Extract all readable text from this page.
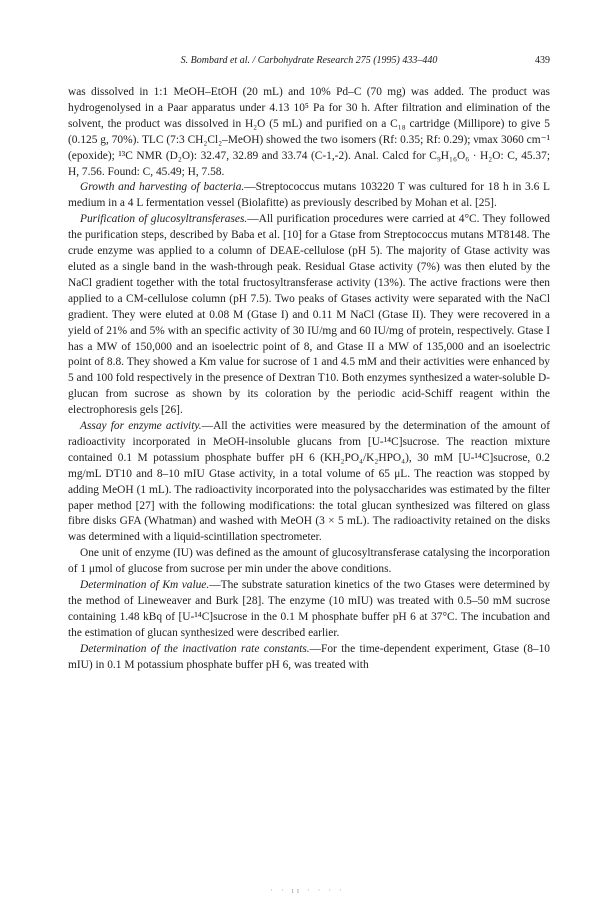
S. Bombard et al. / Carbohydrate Research 275 (1995) 433–440	439

was dissolved in 1:1 MeOH–EtOH (20 mL) and 10% Pd–C (70 mg) was added. The product was hydrogenolysed in a Paar apparatus under 4.13 10⁵ Pa for 30 h. After filtration and elimination of the solvent, the product was dissolved in H₂O (5 mL) and purified on a C₁₈ cartridge (Millipore) to give 5 (0.125 g, 70%). TLC (7:3 CH₂Cl₂–MeOH) showed the two isomers (Rf: 0.35; Rf: 0.29); νmax 3060 cm⁻¹ (epoxide); ¹³C NMR (D₂O): 32.47, 32.89 and 33.74 (C-1,-2). Anal. Calcd for C₉H₁₆O₆ · H₂O: C, 45.37; H, 7.56. Found: C, 45.49; H, 7.58.

Growth and harvesting of bacteria.—Streptococcus mutans 103220 T was cultured for 18 h in 3.6 L medium in a 4 L fermentation vessel (Biolafitte) as previously described by Mohan et al. [25].

Purification of glucosyltransferases.—All purification procedures were carried at 4°C. They followed the purification steps, described by Baba et al. [10] for a Gtase from Streptococcus mutans MT8148. The crude enzyme was applied to a column of DEAE-cellulose (pH 5). The majority of Gtase activity was eluted as a single band in the wash-through peak. Residual Gtase activity (7%) was then eluted by the NaCl gradient together with the total fructosyltransferase activity (13%). The active fractions were then applied to a CM-cellulose column (pH 7.5). Two peaks of Gtases activity were separated with the NaCl gradient. They were eluted at 0.08 M (Gtase I) and 0.11 M NaCl (Gtase II). They were recovered in a yield of 21% and 5% with an specific activity of 30 IU/mg and 60 IU/mg of protein, respectively. Gtase I has a MW of 150,000 and an isoelectric point of 8, and Gtase II a MW of 135,000 and an isoelectric point of 8.8. They showed a Km value for sucrose of 1 and 4.5 mM and their activities were enhanced by 5 and 100 fold respectively in the presence of Dextran T10. Both enzymes synthesized a water-soluble D-glucan from sucrose as shown by its coloration by the periodic acid-Schiff reagent within the electrophoresis gels [26].

Assay for enzyme activity.—All the activities were measured by the determination of the amount of radioactivity incorporated in MeOH-insoluble glucans from [U-¹⁴C]sucrose. The reaction mixture contained 0.1 M potassium phosphate buffer pH 6 (KH₂PO₄/K₂HPO₄), 30 mM [U-¹⁴C]sucrose, 0.2 mg/mL DT10 and 8–10 mIU Gtase activity, in a total volume of 65 μL. The reaction was stopped by adding MeOH (1 mL). The radioactivity incorporated into the polysaccharides was estimated by the filter paper method [27] with the following modifications: the total glucan synthesized was filtered on glass fibre disks GFA (Whatman) and washed with MeOH (3 × 5 mL). The radioactivity retained on the disks was determined with a liquid-scintillation spectrometer.

One unit of enzyme (IU) was defined as the amount of glucosyltransferase catalysing the incorporation of 1 μmol of glucose from sucrose per min under the above conditions.

Determination of Km value.—The substrate saturation kinetics of the two Gtases were determined by the method of Lineweaver and Burk [28]. The enzyme (10 mIU) was treated with 0.5–50 mM sucrose containing 1.48 kBq of [U-¹⁴C]sucrose in the 0.1 M phosphate buffer pH 6 at 37°C. The incubation and the estimation of glucan synthesized were described earlier.

Determination of the inactivation rate constants.—For the time-dependent experiment, Gtase (8–10 mIU) in 0.1 M potassium phosphate buffer pH 6, was treated with

· · ıı · · · ·
